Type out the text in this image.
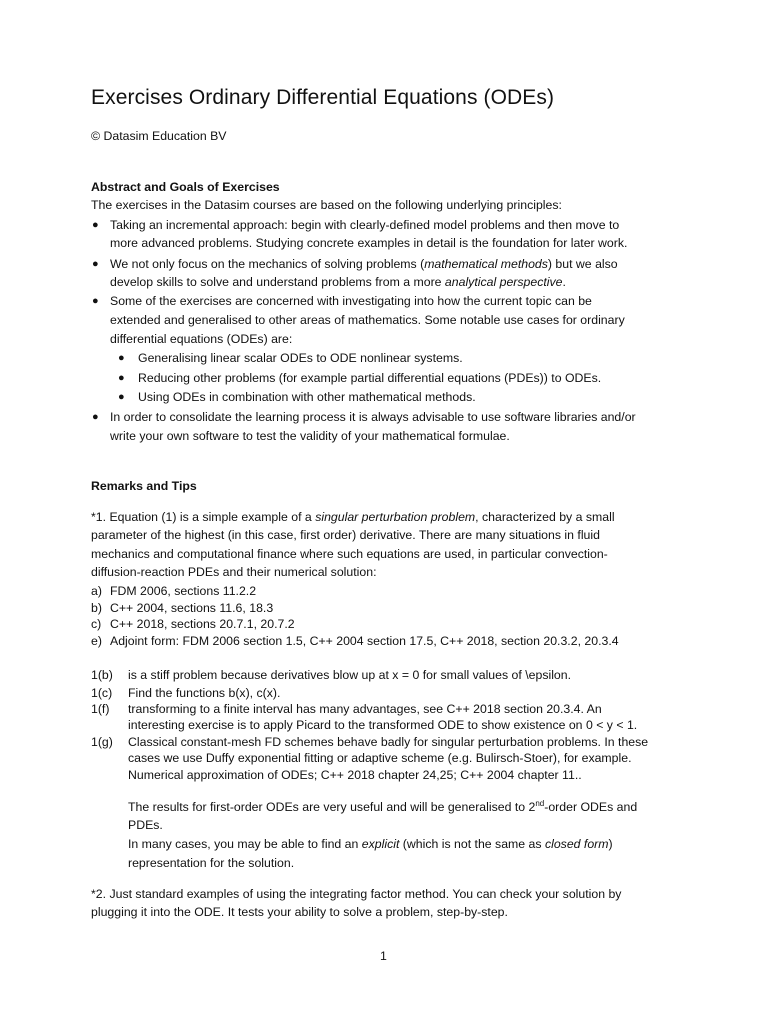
Exercises Ordinary Differential Equations (ODEs)
© Datasim Education BV
Abstract and Goals of Exercises
The exercises in the Datasim courses are based on the following underlying principles:
● Taking an incremental approach: begin with clearly-defined model problems and then move to
more advanced problems. Studying concrete examples in detail is the foundation for later work.
● We not only focus on the mechanics of solving problems (mathematical methods) but we also
develop skills to solve and understand problems from a more analytical perspective.
● Some of the exercises are concerned with investigating into how the current topic can be
extended and generalised to other areas of mathematics. Some notable use cases for ordinary
differential equations (ODEs) are:
● Generalising linear scalar ODEs to ODE nonlinear systems.
● Reducing other problems (for example partial differential equations (PDEs)) to ODEs.
● Using ODEs in combination with other mathematical methods.
● In order to consolidate the learning process it is always advisable to use software libraries and/or
write your own software to test the validity of your mathematical formulae.
Remarks and Tips
*1. Equation (1) is a simple example of a singular perturbation problem, characterized by a small
parameter of the highest (in this case, first order) derivative. There are many situations in fluid
mechanics and computational finance where such equations are used, in particular convection-
diffusion-reaction PDEs and their numerical solution:
a) FDM 2006, sections 11.2.2
b) C++ 2004, sections 11.6, 18.3
c) C++ 2018, sections 20.7.1, 20.7.2
e) Adjoint form: FDM 2006 section 1.5, C++ 2004 section 17.5, C++ 2018, section 20.3.2, 20.3.4
1(b) is a stiff problem because derivatives blow up at x = 0 for small values of \epsilon.
1(c) Find the functions b(x), c(x).
1(f) transforming to a finite interval has many advantages, see C++ 2018 section 20.3.4. An
interesting exercise is to apply Picard to the transformed ODE to show existence on 0 < y < 1.
1(g) Classical constant-mesh FD schemes behave badly for singular perturbation problems. In these
cases we use Duffy exponential fitting or adaptive scheme (e.g. Bulirsch-Stoer), for example.
Numerical approximation of ODEs; C++ 2018 chapter 24,25; C++ 2004 chapter 11..
The results for first-order ODEs are very useful and will be generalised to 2nd-order ODEs and
PDEs.
In many cases, you may be able to find an explicit (which is not the same as closed form)
representation for the solution.
*2. Just standard examples of using the integrating factor method. You can check your solution by
plugging it into the ODE. It tests your ability to solve a problem, step-by-step.
1
